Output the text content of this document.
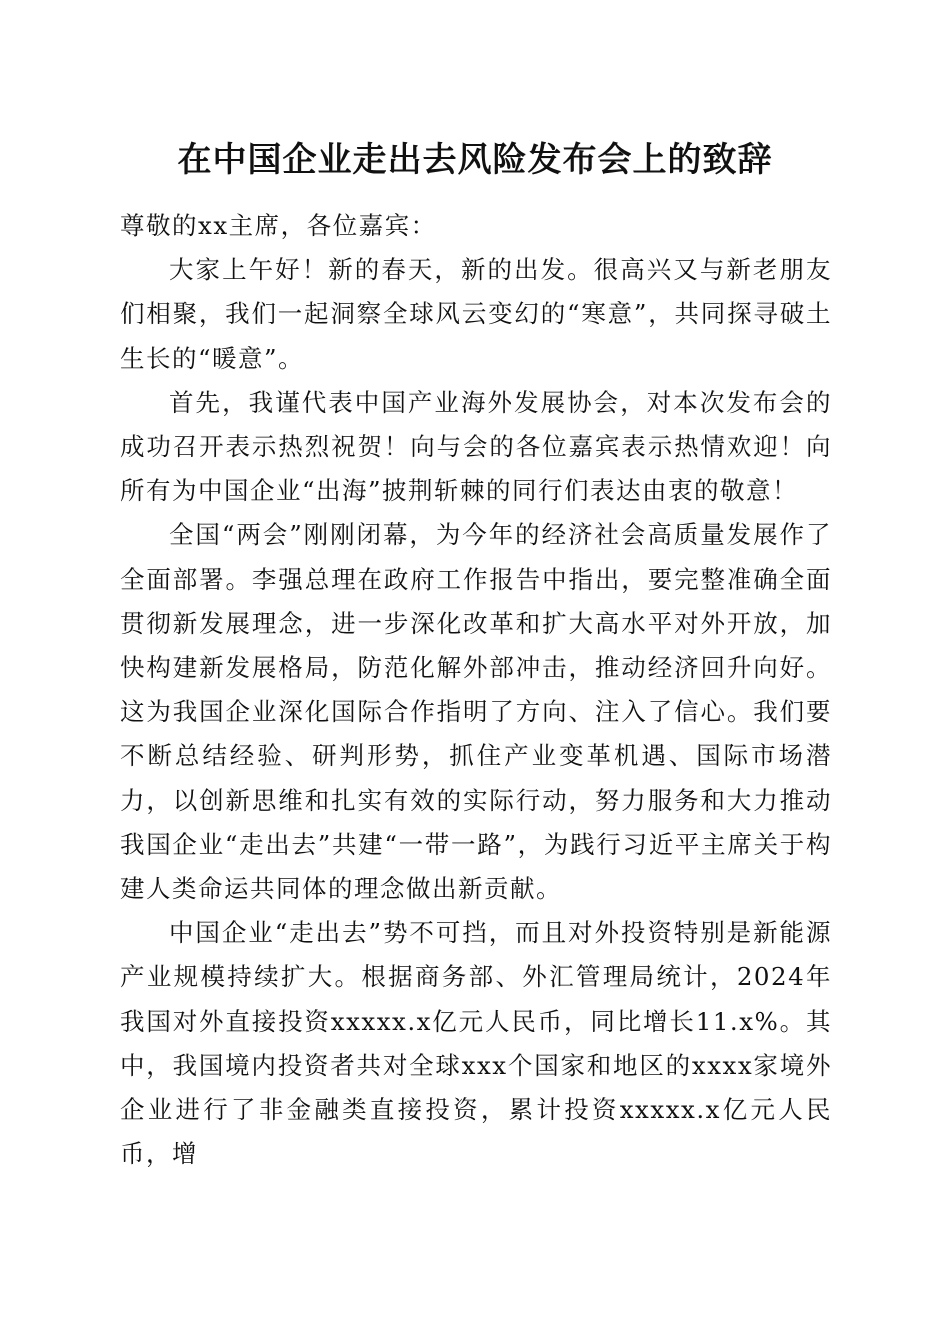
在中国企业走出去风险发布会上的致辞

尊敬的xx主席，各位嘉宾：

大家上午好！新的春天，新的出发。很高兴又与新老朋友们相聚，我们一起洞察全球风云变幻的“寒意”，共同探寻破土生长的“暖意”。

首先，我谨代表中国产业海外发展协会，对本次发布会的成功召开表示热烈祝贺！向与会的各位嘉宾表示热情欢迎！向所有为中国企业“出海”披荆斩棘的同行们表达由衷的敬意！

全国“两会”刚刚闭幕，为今年的经济社会高质量发展作了全面部署。李强总理在政府工作报告中指出，要完整准确全面贯彻新发展理念，进一步深化改革和扩大高水平对外开放，加快构建新发展格局，防范化解外部冲击，推动经济回升向好。这为我国企业深化国际合作指明了方向、注入了信心。我们要不断总结经验、研判形势，抓住产业变革机遇、国际市场潜力，以创新思维和扎实有效的实际行动，努力服务和大力推动我国企业“走出去”共建“一带一路”，为践行习近平主席关于构建人类命运共同体的理念做出新贡献。

中国企业“走出去”势不可挡，而且对外投资特别是新能源产业规模持续扩大。根据商务部、外汇管理局统计，2024年我国对外直接投资xxxxx.x亿元人民币，同比增长11.x%。其中，我国境内投资者共对全球xxx个国家和地区的xxxx家境外企业进行了非金融类直接投资，累计投资xxxxx.x亿元人民币，增
